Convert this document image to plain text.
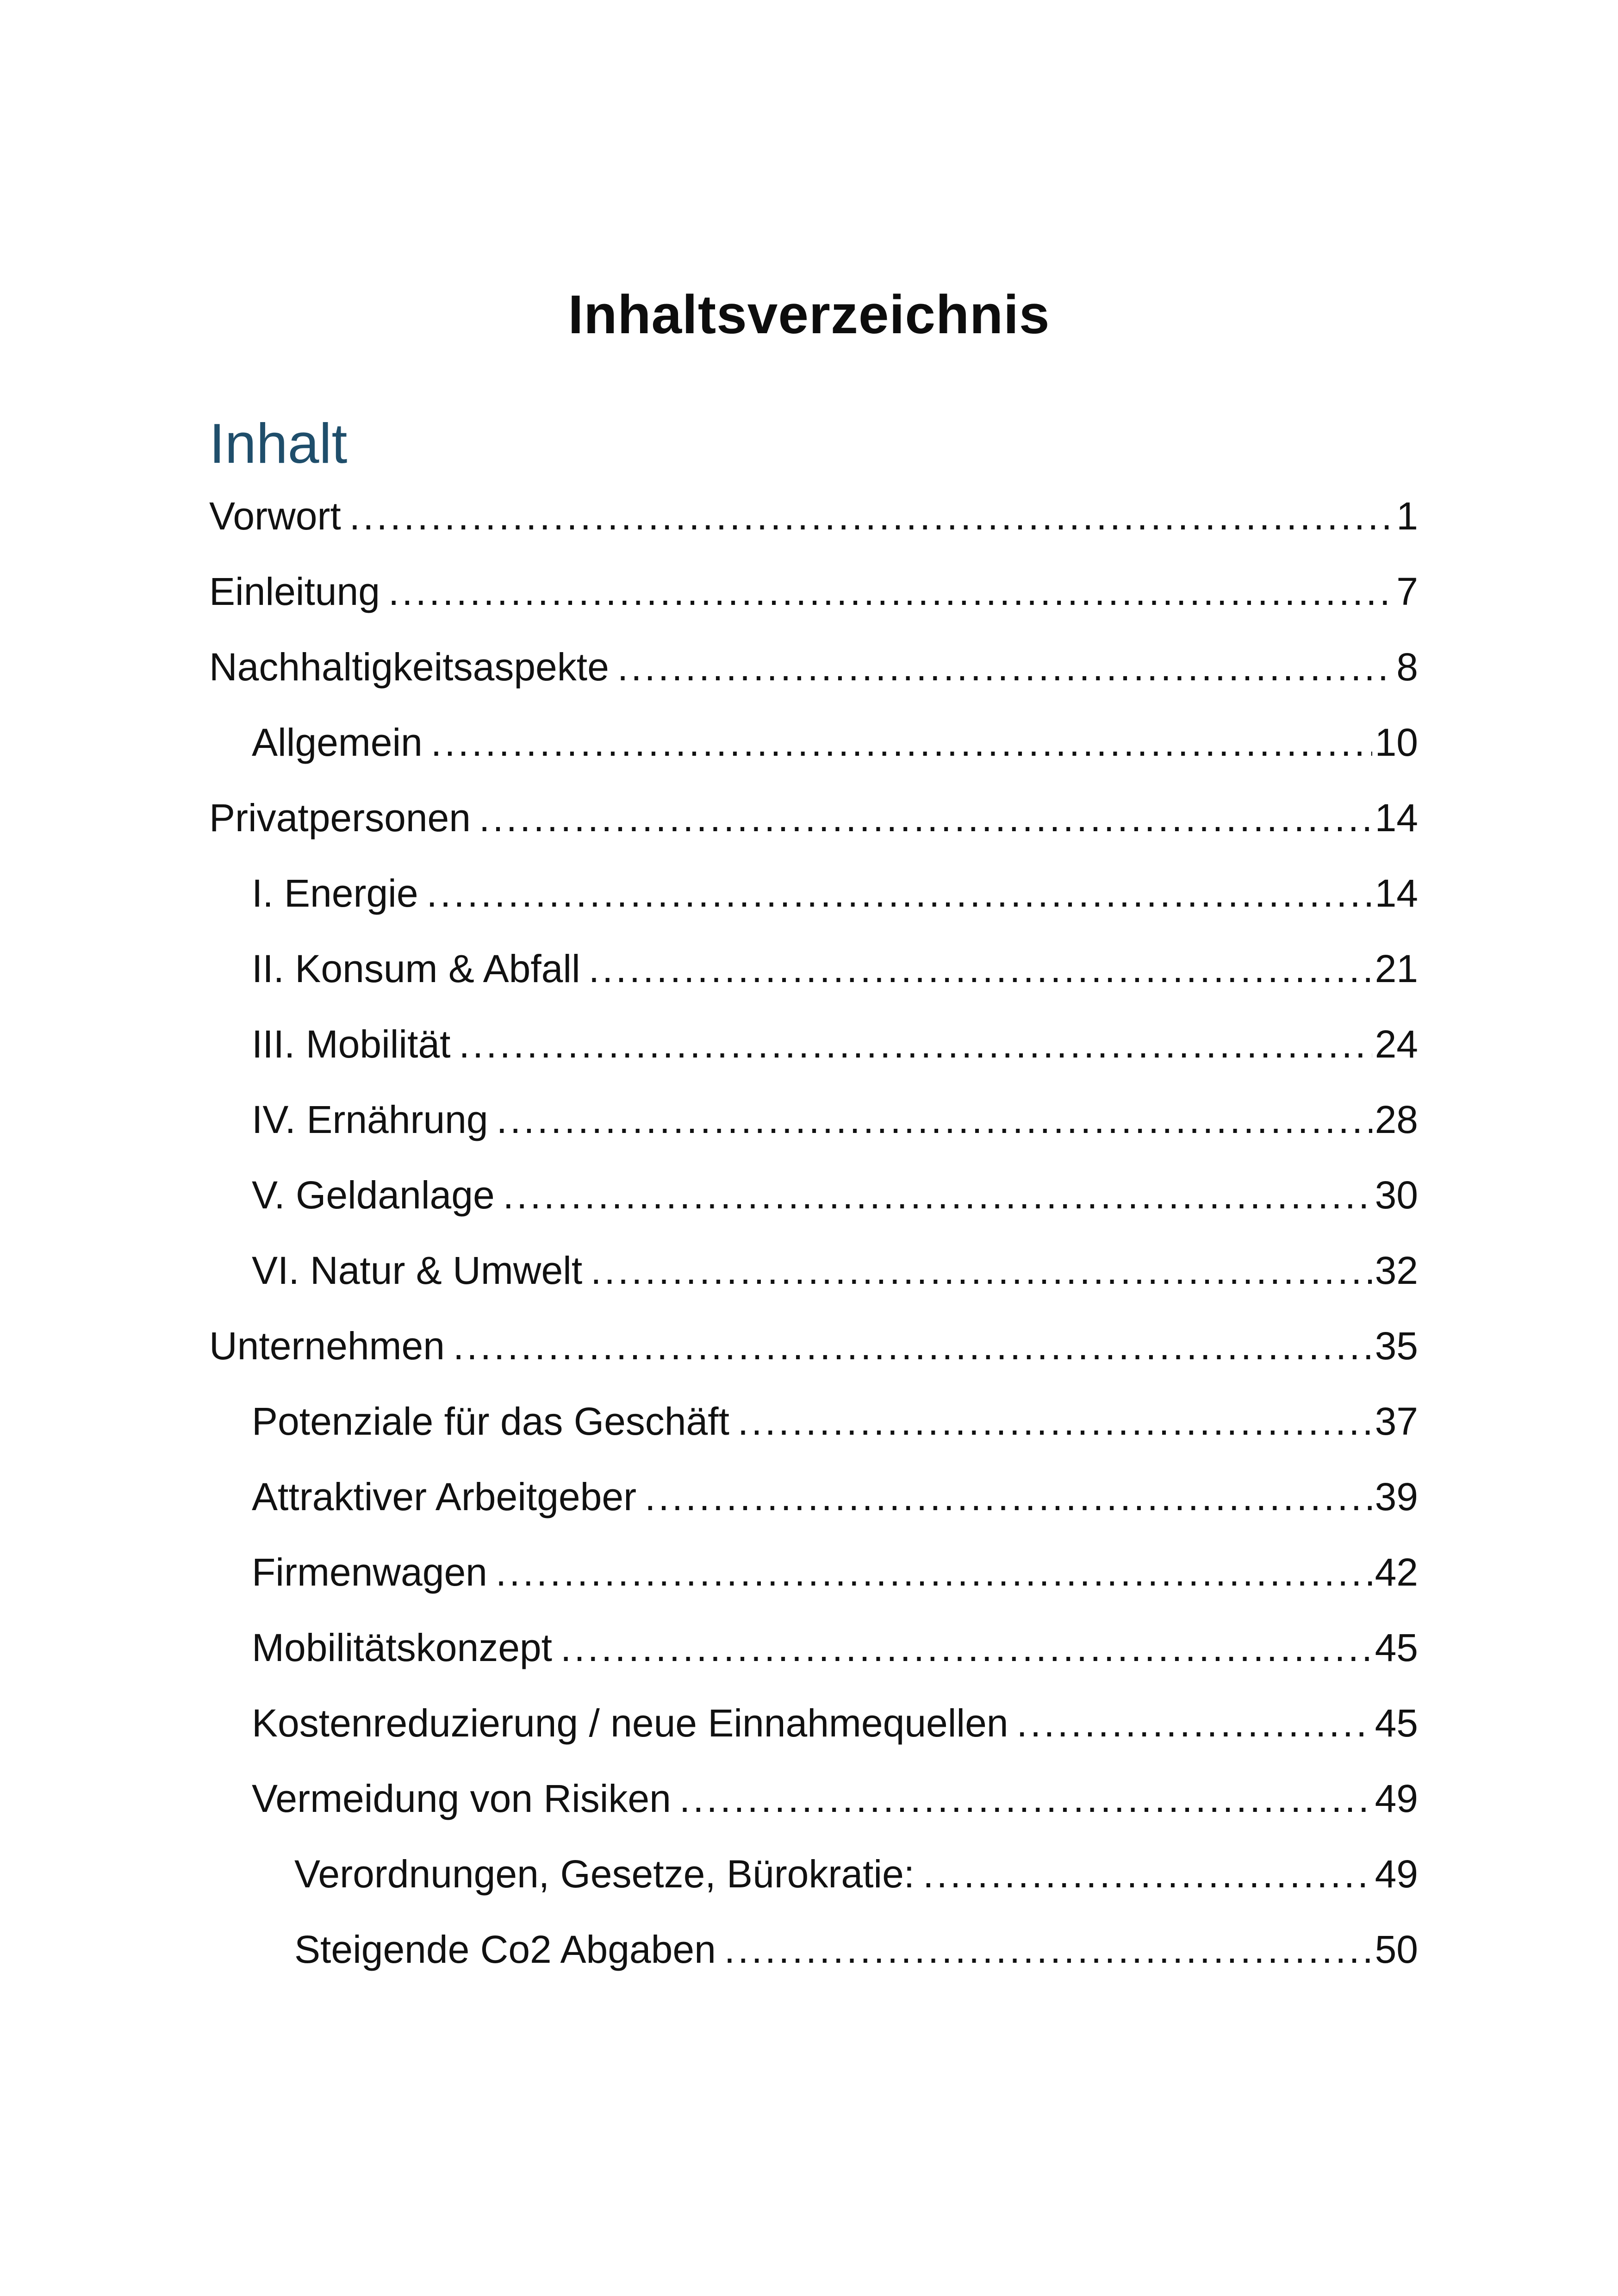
Inhaltsverzeichnis
Inhalt
Vorwort .....	1
Einleitung .....	7
Nachhaltigkeitsaspekte .....	8
Allgemein .....	10
Privatpersonen .....	14
I. Energie .....	14
II. Konsum & Abfall .....	21
III. Mobilität .....	24
IV. Ernährung .....	28
V. Geldanlage .....	30
VI. Natur & Umwelt .....	32
Unternehmen .....	35
Potenziale für das Geschäft .....	37
Attraktiver Arbeitgeber .....	39
Firmenwagen .....	42
Mobilitätskonzept .....	45
Kostenreduzierung / neue Einnahmequellen .....	45
Vermeidung von Risiken .....	49
Verordnungen, Gesetze, Bürokratie: .....	49
Steigende Co2 Abgaben .....	50
